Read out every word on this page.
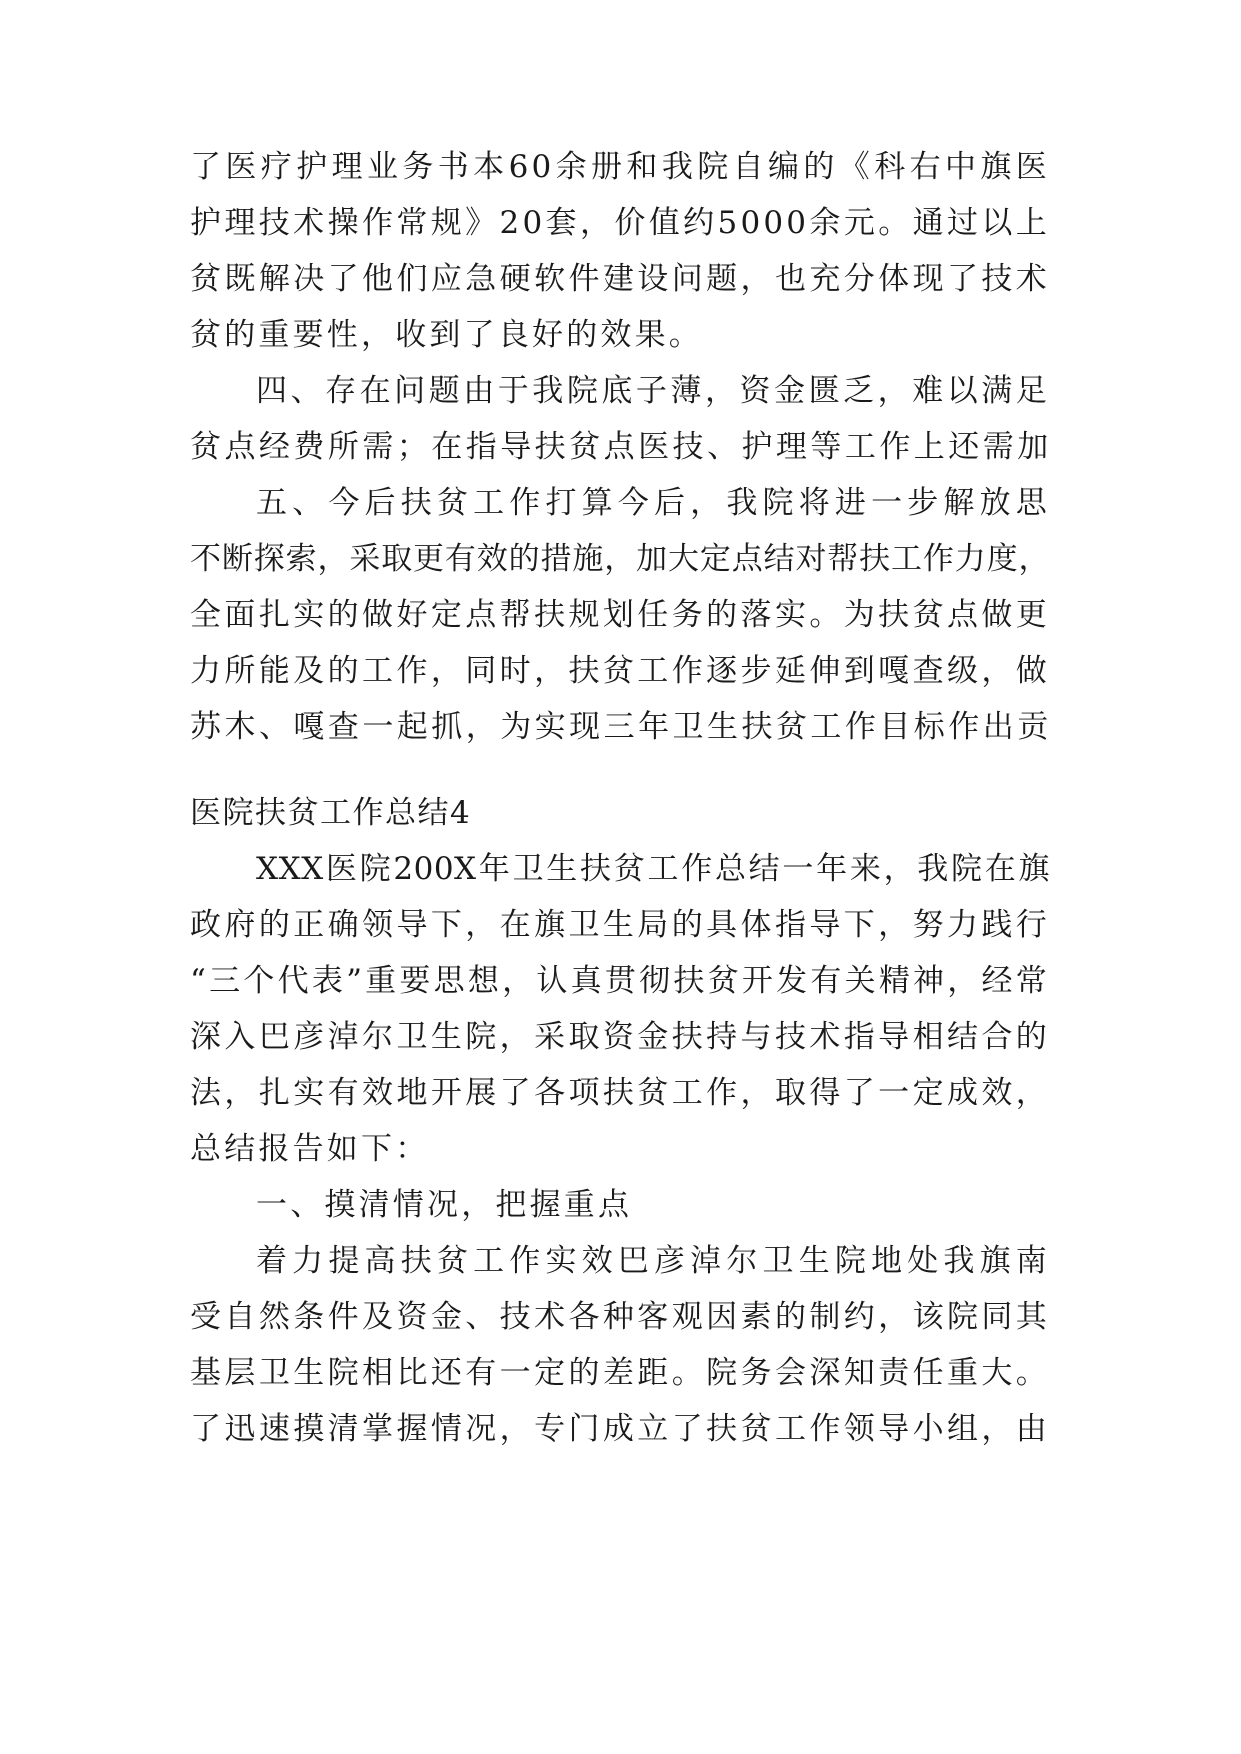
了医疗护理业务书本60余册和我院自编的《科右中旗医
护理技术操作常规》20套，价值约5000余元。通过以上
贫既解决了他们应急硬软件建设问题，也充分体现了技术
贫的重要性，收到了良好的效果。
四、存在问题由于我院底子薄，资金匮乏，难以满足
贫点经费所需；在指导扶贫点医技、护理等工作上还需加
五、今后扶贫工作打算今后，我院将进一步解放思
不断探索，采取更有效的措施，加大定点结对帮扶工作力度，
全面扎实的做好定点帮扶规划任务的落实。为扶贫点做更
力所能及的工作，同时，扶贫工作逐步延伸到嘎查级，做
苏木、嘎查一起抓，为实现三年卫生扶贫工作目标作出贡
医院扶贫工作总结4
XXX医院200X年卫生扶贫工作总结一年来，我院在旗
政府的正确领导下，在旗卫生局的具体指导下，努力践行
“三个代表”重要思想，认真贯彻扶贫开发有关精神，经常
深入巴彦淖尔卫生院，采取资金扶持与技术指导相结合的
法，扎实有效地开展了各项扶贫工作，取得了一定成效，
总结报告如下：
一、摸清情况，把握重点
着力提高扶贫工作实效巴彦淖尔卫生院地处我旗南
受自然条件及资金、技术各种客观因素的制约，该院同其
基层卫生院相比还有一定的差距。院务会深知责任重大。
了迅速摸清掌握情况，专门成立了扶贫工作领导小组，由
